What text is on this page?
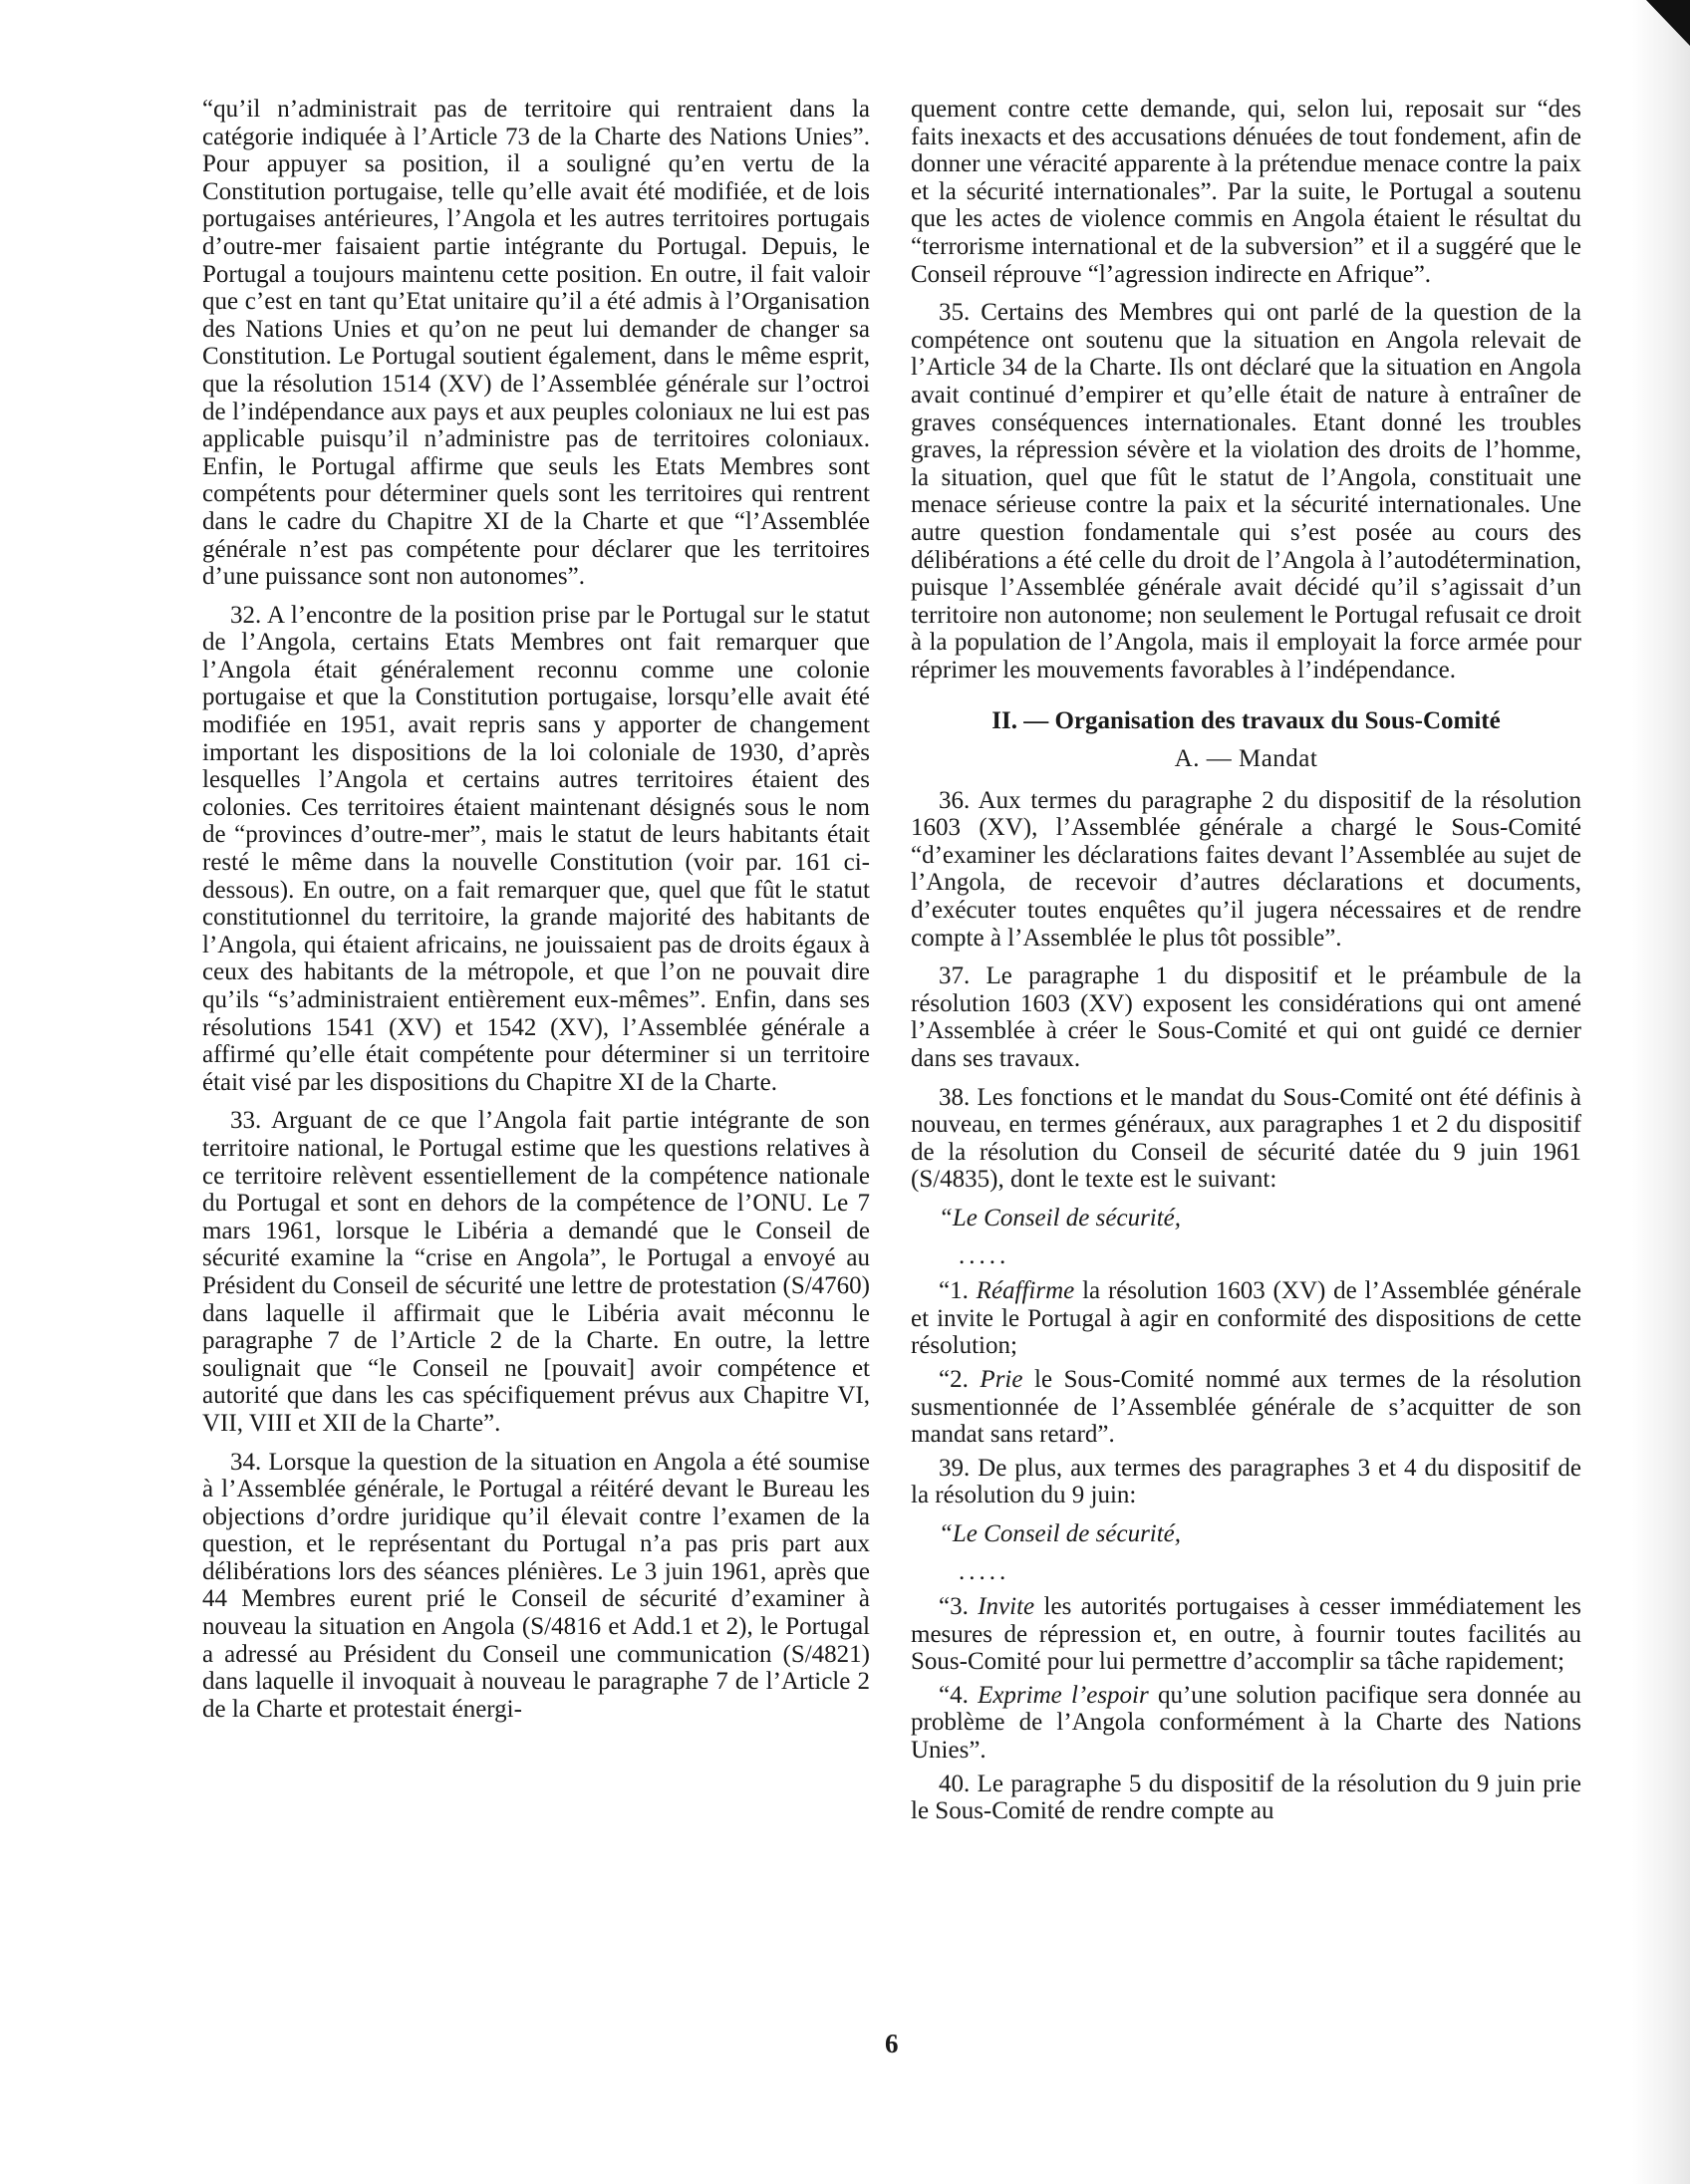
“qu’il n’administrait pas de territoire qui rentraient dans la catégorie indiquée à l’Article 73 de la Charte des Nations Unies”. Pour appuyer sa position, il a souligné qu’en vertu de la Constitution portugaise, telle qu’elle avait été modifiée, et de lois portugaises antérieures, l’Angola et les autres territoires portugais d’outre-mer faisaient partie intégrante du Portugal. Depuis, le Portugal a toujours maintenu cette position. En outre, il fait valoir que c’est en tant qu’Etat unitaire qu’il a été admis à l’Organisation des Nations Unies et qu’on ne peut lui demander de changer sa Constitution. Le Portugal soutient également, dans le même esprit, que la résolution 1514 (XV) de l’Assemblée générale sur l’octroi de l’indépendance aux pays et aux peuples coloniaux ne lui est pas applicable puisqu’il n’administre pas de territoires coloniaux. Enfin, le Portugal affirme que seuls les Etats Membres sont compétents pour déterminer quels sont les territoires qui rentrent dans le cadre du Chapitre XI de la Charte et que “l’Assemblée générale n’est pas compétente pour déclarer que les territoires d’une puissance sont non autonomes”.

32. A l’encontre de la position prise par le Portugal sur le statut de l’Angola, certains Etats Membres ont fait remarquer que l’Angola était généralement reconnu comme une colonie portugaise et que la Constitution portugaise, lorsqu’elle avait été modifiée en 1951, avait repris sans y apporter de changement important les dispositions de la loi coloniale de 1930, d’après lesquelles l’Angola et certains autres territoires étaient des colonies. Ces territoires étaient maintenant désignés sous le nom de “provinces d’outre-mer”, mais le statut de leurs habitants était resté le même dans la nouvelle Constitution (voir par. 161 ci-dessous). En outre, on a fait remarquer que, quel que fût le statut constitutionnel du territoire, la grande majorité des habitants de l’Angola, qui étaient africains, ne jouissaient pas de droits égaux à ceux des habitants de la métropole, et que l’on ne pouvait dire qu’ils “s’administraient entièrement eux-mêmes”. Enfin, dans ses résolutions 1541 (XV) et 1542 (XV), l’Assemblée générale a affirmé qu’elle était compétente pour déterminer si un territoire était visé par les dispositions du Chapitre XI de la Charte.

33. Arguant de ce que l’Angola fait partie intégrante de son territoire national, le Portugal estime que les questions relatives à ce territoire relèvent essentiellement de la compétence nationale du Portugal et sont en dehors de la compétence de l’ONU. Le 7 mars 1961, lorsque le Libéria a demandé que le Conseil de sécurité examine la “crise en Angola”, le Portugal a envoyé au Président du Conseil de sécurité une lettre de protestation (S/4760) dans laquelle il affirmait que le Libéria avait méconnu le paragraphe 7 de l’Article 2 de la Charte. En outre, la lettre soulignait que “le Conseil ne [pouvait] avoir compétence et autorité que dans les cas spécifiquement prévus aux Chapitre VI, VII, VIII et XII de la Charte”.

34. Lorsque la question de la situation en Angola a été soumise à l’Assemblée générale, le Portugal a réitéré devant le Bureau les objections d’ordre juridique qu’il élevait contre l’examen de la question, et le représentant du Portugal n’a pas pris part aux délibérations lors des séances plénières. Le 3 juin 1961, après que 44 Membres eurent prié le Conseil de sécurité d’examiner à nouveau la situation en Angola (S/4816 et Add.1 et 2), le Portugal a adressé au Président du Conseil une communication (S/4821) dans laquelle il invoquait à nouveau le paragraphe 7 de l’Article 2 de la Charte et protestait énergi-

quement contre cette demande, qui, selon lui, reposait sur “des faits inexacts et des accusations dénuées de tout fondement, afin de donner une véracité apparente à la prétendue menace contre la paix et la sécurité internationales”. Par la suite, le Portugal a soutenu que les actes de violence commis en Angola étaient le résultat du “terrorisme international et de la subversion” et il a suggéré que le Conseil réprouve “l’agression indirecte en Afrique”.

35. Certains des Membres qui ont parlé de la question de la compétence ont soutenu que la situation en Angola relevait de l’Article 34 de la Charte. Ils ont déclaré que la situation en Angola avait continué d’empirer et qu’elle était de nature à entraîner de graves conséquences internationales. Etant donné les troubles graves, la répression sévère et la violation des droits de l’homme, la situation, quel que fût le statut de l’Angola, constituait une menace sérieuse contre la paix et la sécurité internationales. Une autre question fondamentale qui s’est posée au cours des délibérations a été celle du droit de l’Angola à l’autodétermination, puisque l’Assemblée générale avait décidé qu’il s’agissait d’un territoire non autonome; non seulement le Portugal refusait ce droit à la population de l’Angola, mais il employait la force armée pour réprimer les mouvements favorables à l’indépendance.

II. — Organisation des travaux du Sous-Comité
A. — Mandat

36. Aux termes du paragraphe 2 du dispositif de la résolution 1603 (XV), l’Assemblée générale a chargé le Sous-Comité “d’examiner les déclarations faites devant l’Assemblée au sujet de l’Angola, de recevoir d’autres déclarations et documents, d’exécuter toutes enquêtes qu’il jugera nécessaires et de rendre compte à l’Assemblée le plus tôt possible”.

37. Le paragraphe 1 du dispositif et le préambule de la résolution 1603 (XV) exposent les considérations qui ont amené l’Assemblée à créer le Sous-Comité et qui ont guidé ce dernier dans ses travaux.

38. Les fonctions et le mandat du Sous-Comité ont été définis à nouveau, en termes généraux, aux paragraphes 1 et 2 du dispositif de la résolution du Conseil de sécurité datée du 9 juin 1961 (S/4835), dont le texte est le suivant:

“Le Conseil de sécurité,

.....

“1. Réaffirme la résolution 1603 (XV) de l’Assemblée générale et invite le Portugal à agir en conformité des dispositions de cette résolution;

“2. Prie le Sous-Comité nommé aux termes de la résolution susmentionnée de l’Assemblée générale de s’acquitter de son mandat sans retard”.

39. De plus, aux termes des paragraphes 3 et 4 du dispositif de la résolution du 9 juin:

“Le Conseil de sécurité,

.....

“3. Invite les autorités portugaises à cesser immédiatement les mesures de répression et, en outre, à fournir toutes facilités au Sous-Comité pour lui permettre d’accomplir sa tâche rapidement;

“4. Exprime l’espoir qu’une solution pacifique sera donnée au problème de l’Angola conformément à la Charte des Nations Unies”.

40. Le paragraphe 5 du dispositif de la résolution du 9 juin prie le Sous-Comité de rendre compte au

6
